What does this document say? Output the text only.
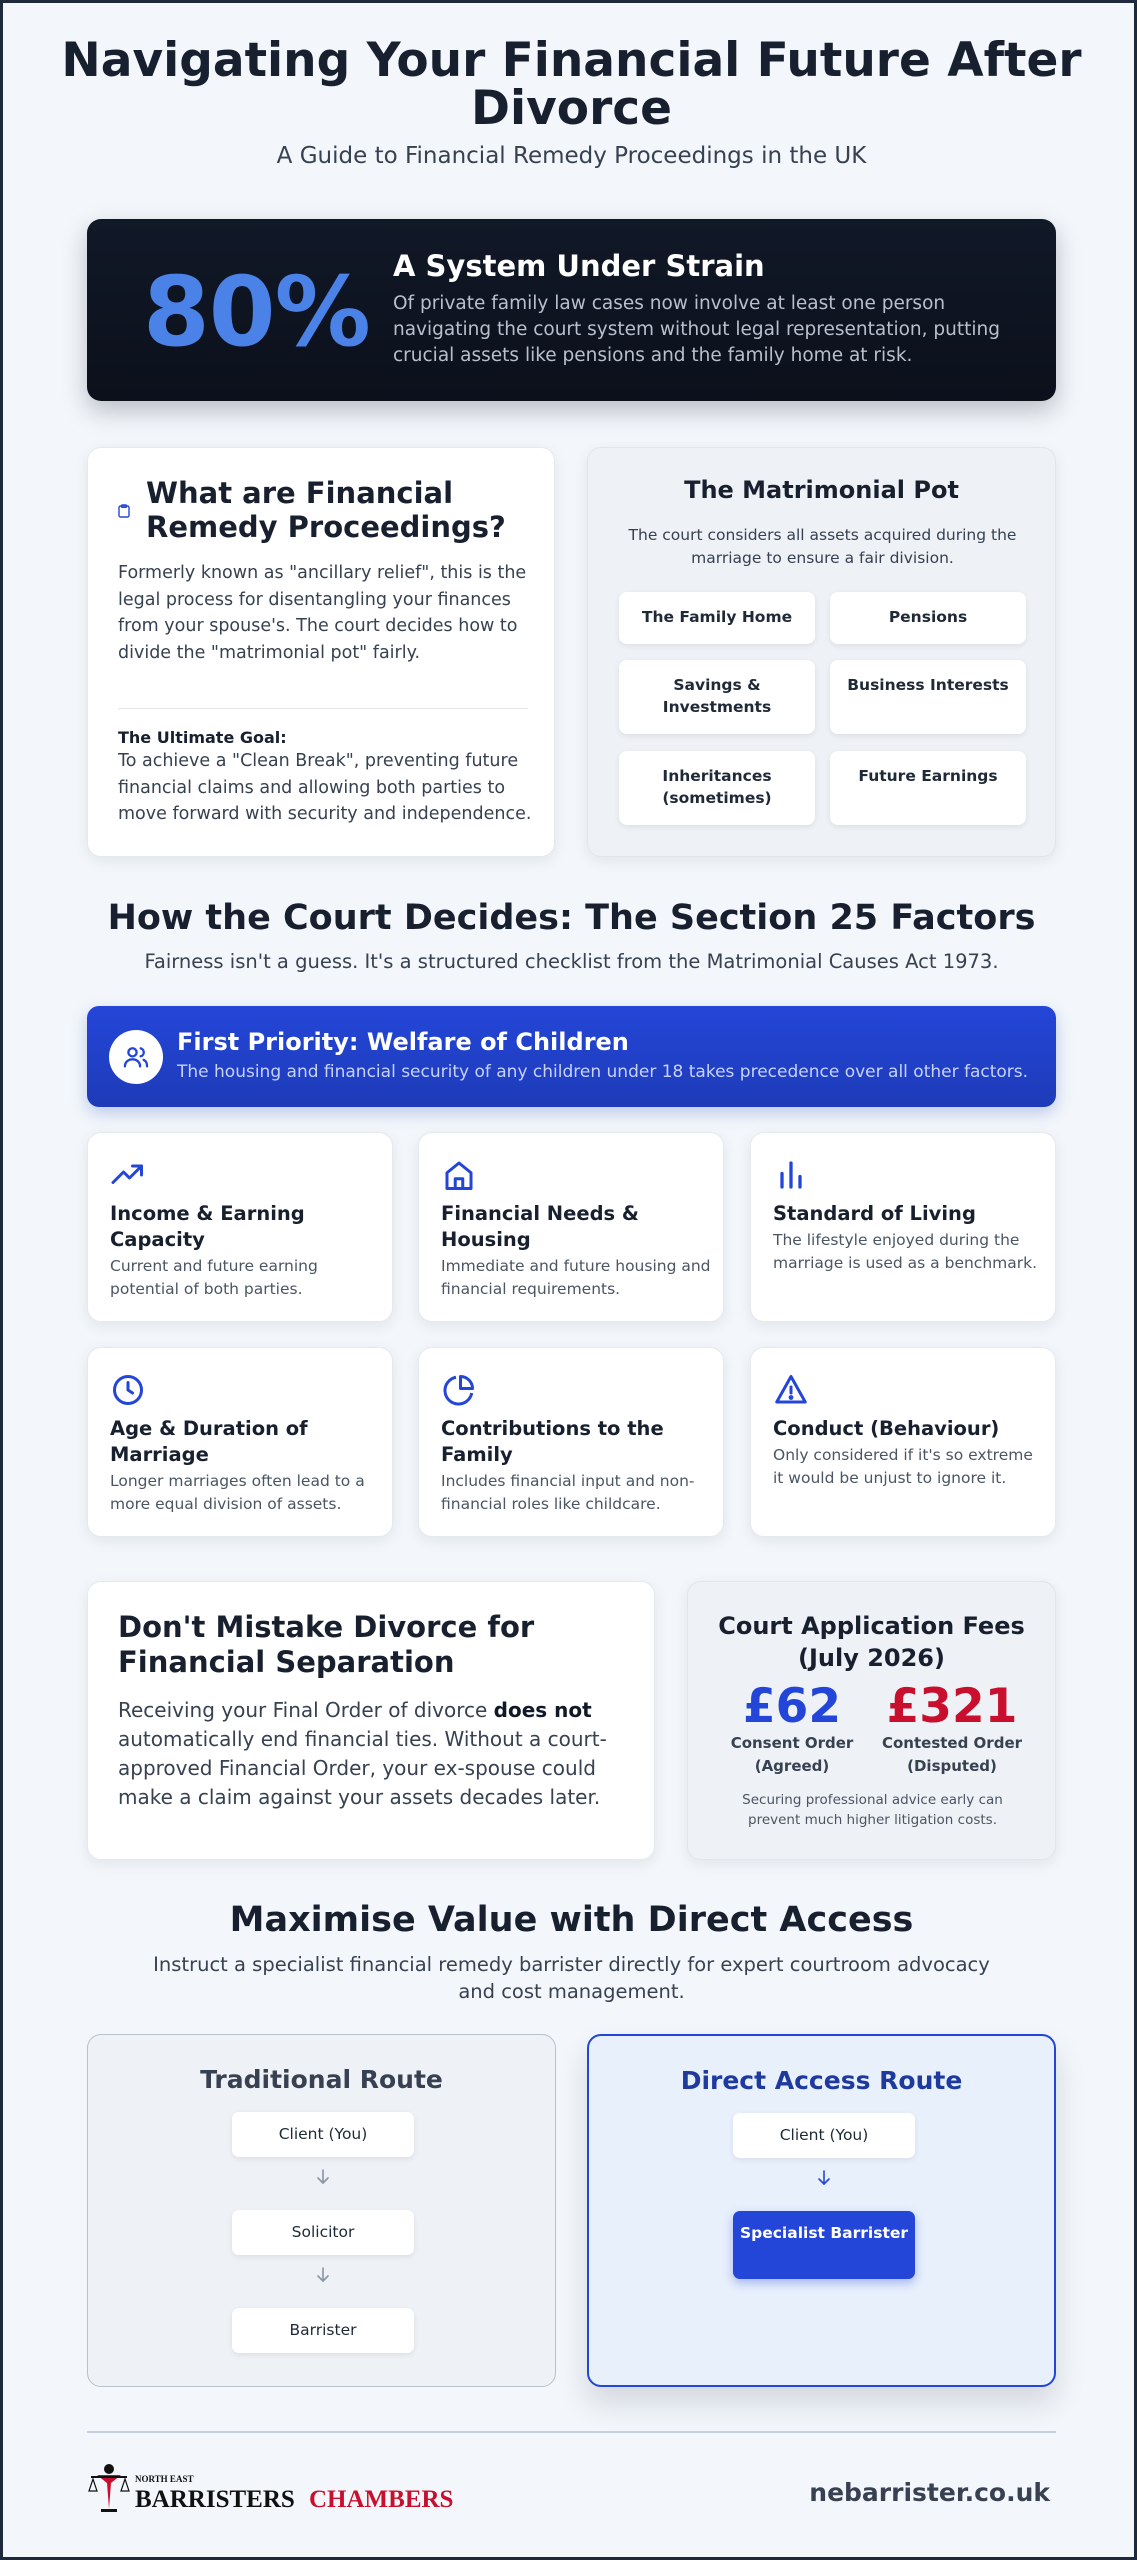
Navigating Your Financial Future After Divorce
A Guide to Financial Remedy Proceedings in the UK
80% A System Under Strain
Of private family law cases now involve at least one person navigating the court system without legal representation, putting crucial assets like pensions and the family home at risk.
What are Financial Remedy Proceedings?
Formerly known as "ancillary relief", this is the legal process for disentangling your finances from your spouse's. The court decides how to divide the "matrimonial pot" fairly.
The Ultimate Goal:
To achieve a "Clean Break", preventing future financial claims and allowing both parties to move forward with security and independence.
The Matrimonial Pot
The court considers all assets acquired during the marriage to ensure a fair division.
The Family Home	Pensions
Savings & Investments
Business Interests
Inheritances (sometimes)
Future Earnings
How the Court Decides: The Section 25 Factors
Fairness isn't a guess. It's a structured checklist from the Matrimonial Causes Act 1973.
First Priority: Welfare of Children
The housing and financial security of any children under 18 takes precedence over all other factors.
Income & Earning Capacity
Current and future earning potential of both parties.
Financial Needs & Housing
Immediate and future housing and financial requirements.
Standard of Living
The lifestyle enjoyed during the marriage is used as a benchmark.
Age & Duration of Marriage
Longer marriages often lead to a more equal division of assets.
Contributions to the Family
Includes financial input and non-financial roles like childcare.
Conduct (Behaviour)
Only considered if it's so extreme it would be unjust to ignore it.
Don't Mistake Divorce for Financial Separation

Receiving your Final Order of divorce does not automatically end financial ties. Without a court-approved Financial Order, your ex-spouse could make a claim against your assets decades later.

Court Application Fees (July 2026)
£62 £321
Consent Order (Agreed)
Contested Order (Disputed)
Securing professional advice early can prevent much higher litigation costs.
Maximise Value with Direct Access
Instruct a specialist financial remedy barrister directly for expert courtroom advocacy and cost management.
Traditional Route
Client (You)
Solicitor
Barrister
Direct Access Route
Client (You)
Specialist Barrister
NORTH EAST
BARRISTERS CHAMBERS	nebarrister.co.uk
